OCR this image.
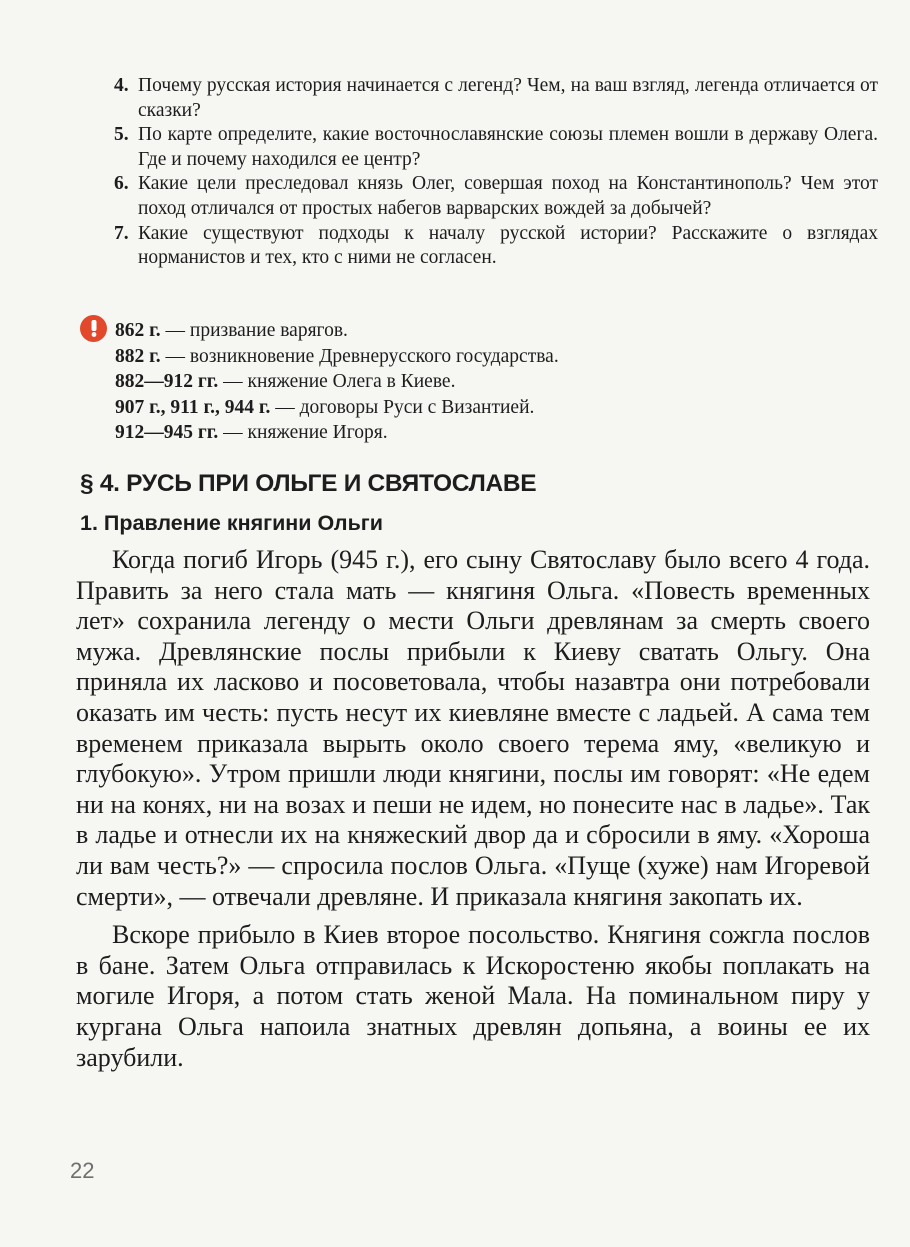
4. Почему русская история начинается с легенд? Чем, на ваш взгляд, легенда отличается от сказки?
5. По карте определите, какие восточнославянские союзы племен вошли в державу Олега. Где и почему находился ее центр?
6. Какие цели преследовал князь Олег, совершая поход на Константинополь? Чем этот поход отличался от простых набегов варварских вождей за добычей?
7. Какие существуют подходы к началу русской истории? Расскажите о взглядах норманистов и тех, кто с ними не согласен.
862 г. — призвание варягов.
882 г. — возникновение Древнерусского государства.
882—912 гг. — княжение Олега в Киеве.
907 г., 911 г., 944 г. — договоры Руси с Византией.
912—945 гг. — княжение Игоря.
§ 4. РУСЬ ПРИ ОЛЬГЕ И СВЯТОСЛАВЕ
1. Правление княгини Ольги

Когда погиб Игорь (945 г.), его сыну Святославу было всего 4 года. Править за него стала мать — княгиня Ольга. «Повесть временных лет» сохранила легенду о мести Ольги древлянам за смерть своего мужа. Древлянские послы прибыли к Киеву сватать Ольгу. Она приняла их ласково и посоветовала, чтобы назавтра они потребовали оказать им честь: пусть несут их киевляне вместе с ладьей. А сама тем временем приказала вырыть около своего терема яму, «великую и глубокую». Утром пришли люди княгини, послы им говорят: «Не едем ни на конях, ни на возах и пеши не идем, но понесите нас в ладье». Так в ладье и отнесли их на княжеский двор да и сбросили в яму. «Хороша ли вам честь?» — спросила послов Ольга. «Пуще (хуже) нам Игоревой смерти», — отвечали древляне. И приказала княгиня закопать их.

Вскоре прибыло в Киев второе посольство. Княгиня сожгла послов в бане. Затем Ольга отправилась к Искоростеню якобы поплакать на могиле Игоря, а потом стать женой Мала. На поминальном пиру у кургана Ольга напоила знатных древлян допьяна, а воины ее их зарубили.

22
